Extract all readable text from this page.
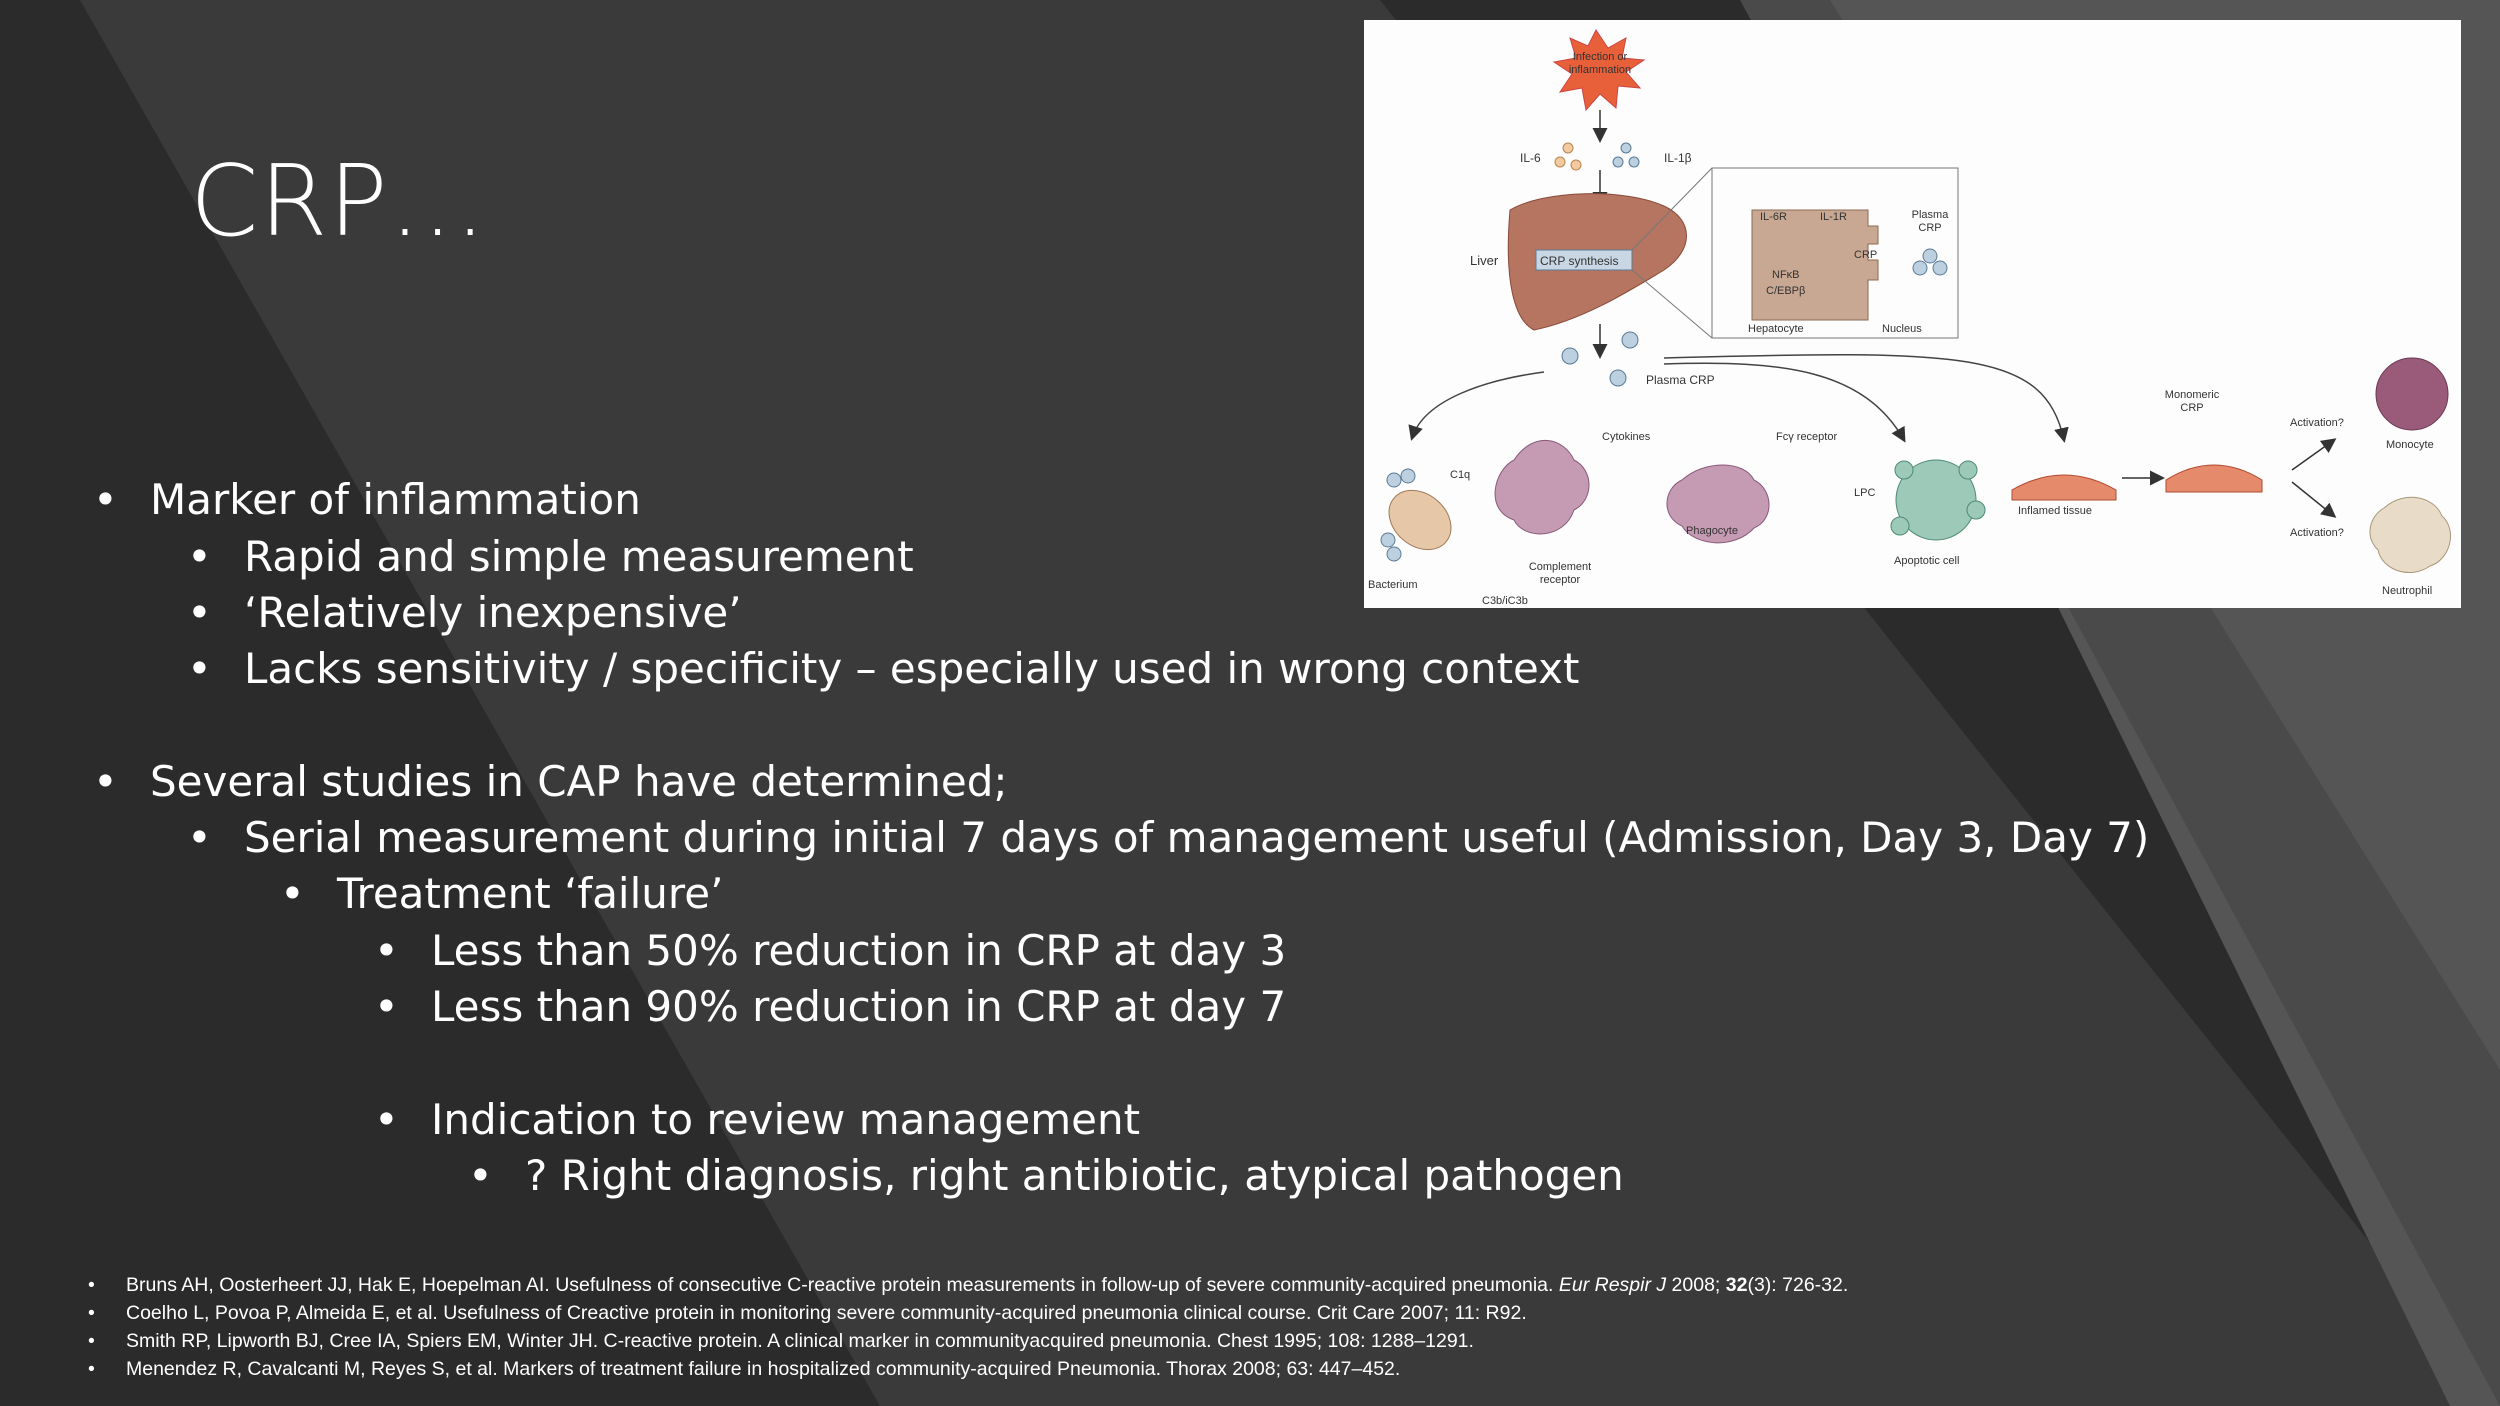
CRP…
• Marker of inflammation
• Rapid and simple measurement
• ‘Relatively inexpensive’
• Lacks sensitivity / specificity – especially used in wrong context
• Several studies in CAP have determined;
• Serial measurement during initial 7 days of management useful (Admission, Day 3, Day 7)
• Treatment ‘failure’
• Less than 50% reduction in CRP at day 3
• Less than 90% reduction in CRP at day 7
• Indication to review management
• ? Right diagnosis, right antibiotic, atypical pathogen
• Bruns AH, Oosterheert JJ, Hak E, Hoepelman AI. Usefulness of consecutive C-reactive protein measurements in follow-up of severe community-acquired pneumonia. Eur Respir J 2008; 32(3): 726-32.
• Coelho L, Povoa P, Almeida E, et al. Usefulness of Creactive protein in monitoring severe community-acquired pneumonia clinical course. Crit Care 2007; 11: R92.
• Smith RP, Lipworth BJ, Cree IA, Spiers EM, Winter JH. C-reactive protein. A clinical marker in communityacquired pneumonia. Chest 1995; 108: 1288–1291.
• Menendez R, Cavalcanti M, Reyes S, et al. Markers of treatment failure in hospitalized community-acquired Pneumonia. Thorax 2008; 63: 447–452.
Infection or inflammation
IL-6	IL-1β
Liver	CRP synthesis
IL-6R	IL-1R
NFκB
C/EBPβ
CRP
Plasma CRP
Hepatocyte	Nucleus
Plasma CRP
C1q
Bacterium
C3b/iC3b
Complement receptor
Cytokines	Fcγ receptor
Phagocyte
LPC
Apoptotic cell
Inflamed tissue
Monomeric CRP
Activation?
Activation?
Monocyte
Neutrophil
